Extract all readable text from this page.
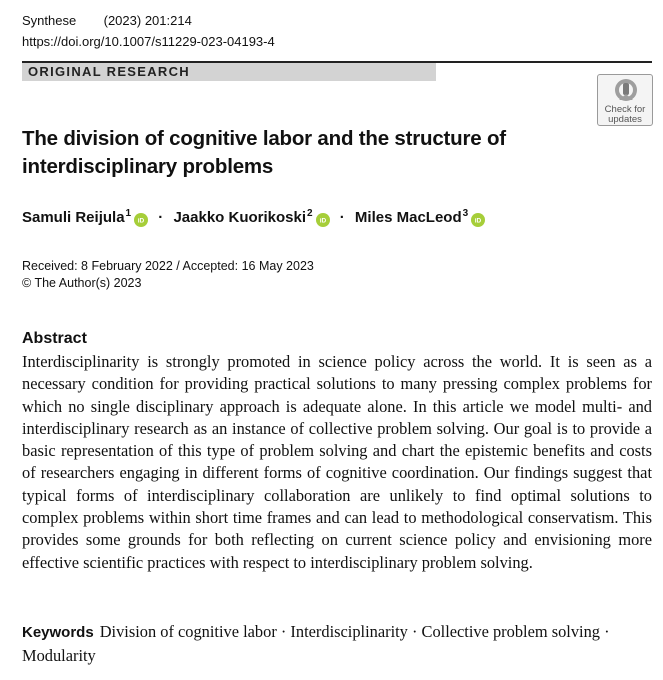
Synthese (2023) 201:214
https://doi.org/10.1007/s11229-023-04193-4
ORIGINAL RESEARCH
Check for
updates
The division of cognitive labor and the structure of interdisciplinary problems
Samuli Reijula$^1$
iD · Jaakko Kuorikoski$^2$
iD · Miles MacLeod$^3$
iD
Received: 8 February 2022 / Accepted: 16 May 2023
© The Author(s) 2023
Abstract
Interdisciplinarity is strongly promoted in science policy across the world. It is seen as a necessary condition for providing practical solutions to many pressing complex problems for which no single disciplinary approach is adequate alone. In this article we model multi- and interdisciplinary research as an instance of collective problem solving. Our goal is to provide a basic representation of this type of problem solving and chart the epistemic benefits and costs of researchers engaging in different forms of cognitive coordination. Our findings suggest that typical forms of interdisciplinary collaboration are unlikely to find optimal solutions to complex problems within short time frames and can lead to methodological conservatism. This provides some grounds for both reflecting on current science policy and envisioning more effective scientific practices with respect to interdisciplinary problem solving.
Keywords Division of cognitive labor · Interdisciplinarity · Collective problem solving · Modularity
